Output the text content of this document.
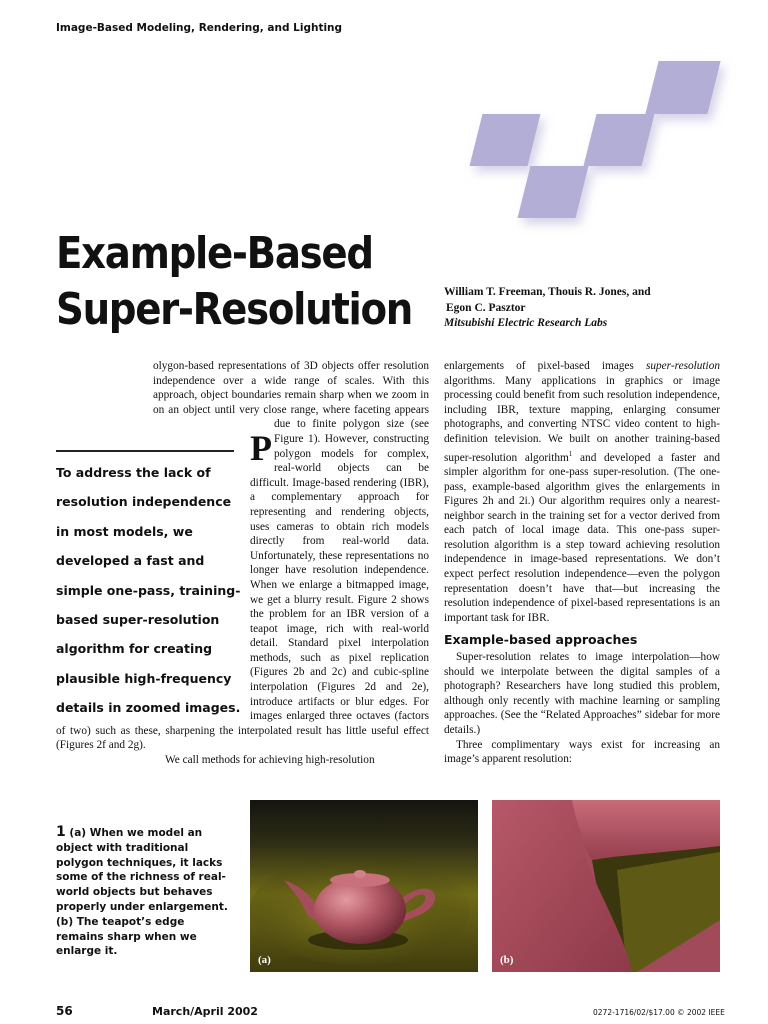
Image-Based Modeling, Rendering, and Lighting
Example-Based
Super-Resolution	William T. Freeman, Thouis R. Jones, and
Egon C. Pasztor
Mitsubishi Electric Research Labs
To address the lack of resolution independence in most models, we developed a fast and simple one-pass, training-based super-resolution algorithm for creating plausible high-frequency details in zoomed images.

P
olygon-based representations of 3D objects offer resolution independence over a wide range of scales. With this approach, object boundaries remain sharp when we zoom in on an object until very close range, where faceting appears due to finite polygon size (see Figure 1). However, constructing polygon models for complex, real-world objects can be difficult. Image-based rendering (IBR), a complementary approach for representing and rendering objects, uses cameras to obtain rich models directly from real-world data. Unfortunately, these representations no longer have resolution independence. When we enlarge a bitmapped image, we get a blurry result. Figure 2 shows the problem for an IBR version of a teapot image, rich with real-world detail. Standard pixel interpolation methods, such as pixel replication (Figures 2b and 2c) and cubic-spline interpolation (Figures 2d and 2e), introduce artifacts or blur edges. For images enlarged three octaves (factors of two) such as these, sharpening the interpolated result has little useful effect (Figures 2f and 2g).

We call methods for achieving high-resolution

enlargements of pixel-based images super-resolution algorithms. Many applications in graphics or image processing could benefit from such resolution independence, including IBR, texture mapping, enlarging consumer photographs, and converting NTSC video content to high-definition television. We built on another training-based super-resolution algorithm$^1$ and developed a faster and simpler algorithm for one-pass super-resolution. (The one-pass, example-based algorithm gives the enlargements in Figures 2h and 2i.) Our algorithm requires only a nearest-neighbor search in the training set for a vector derived from each patch of local image data. This one-pass super-resolution algorithm is a step toward achieving resolution independence in image-based representations. We don’t expect perfect resolution independence—even the polygon representation doesn’t have that—but increasing the resolution independence of pixel-based representations is an important task for IBR.

Example-based approaches

Super-resolution relates to image interpolation—how should we interpolate between the digital samples of a photograph? Researchers have long studied this problem, although only recently with machine learning or sampling approaches. (See the “Related Approaches” sidebar for more details.)

Three complimentary ways exist for increasing an image’s apparent resolution:

1 (a) When we model an object with traditional polygon techniques, it lacks some of the richness of real-world objects but behaves properly under enlargement. (b) The teapot’s edge remains sharp when we enlarge it.
(a)	(b)
56	March/April 2002	0272-1716/02/$17.00 © 2002 IEEE
